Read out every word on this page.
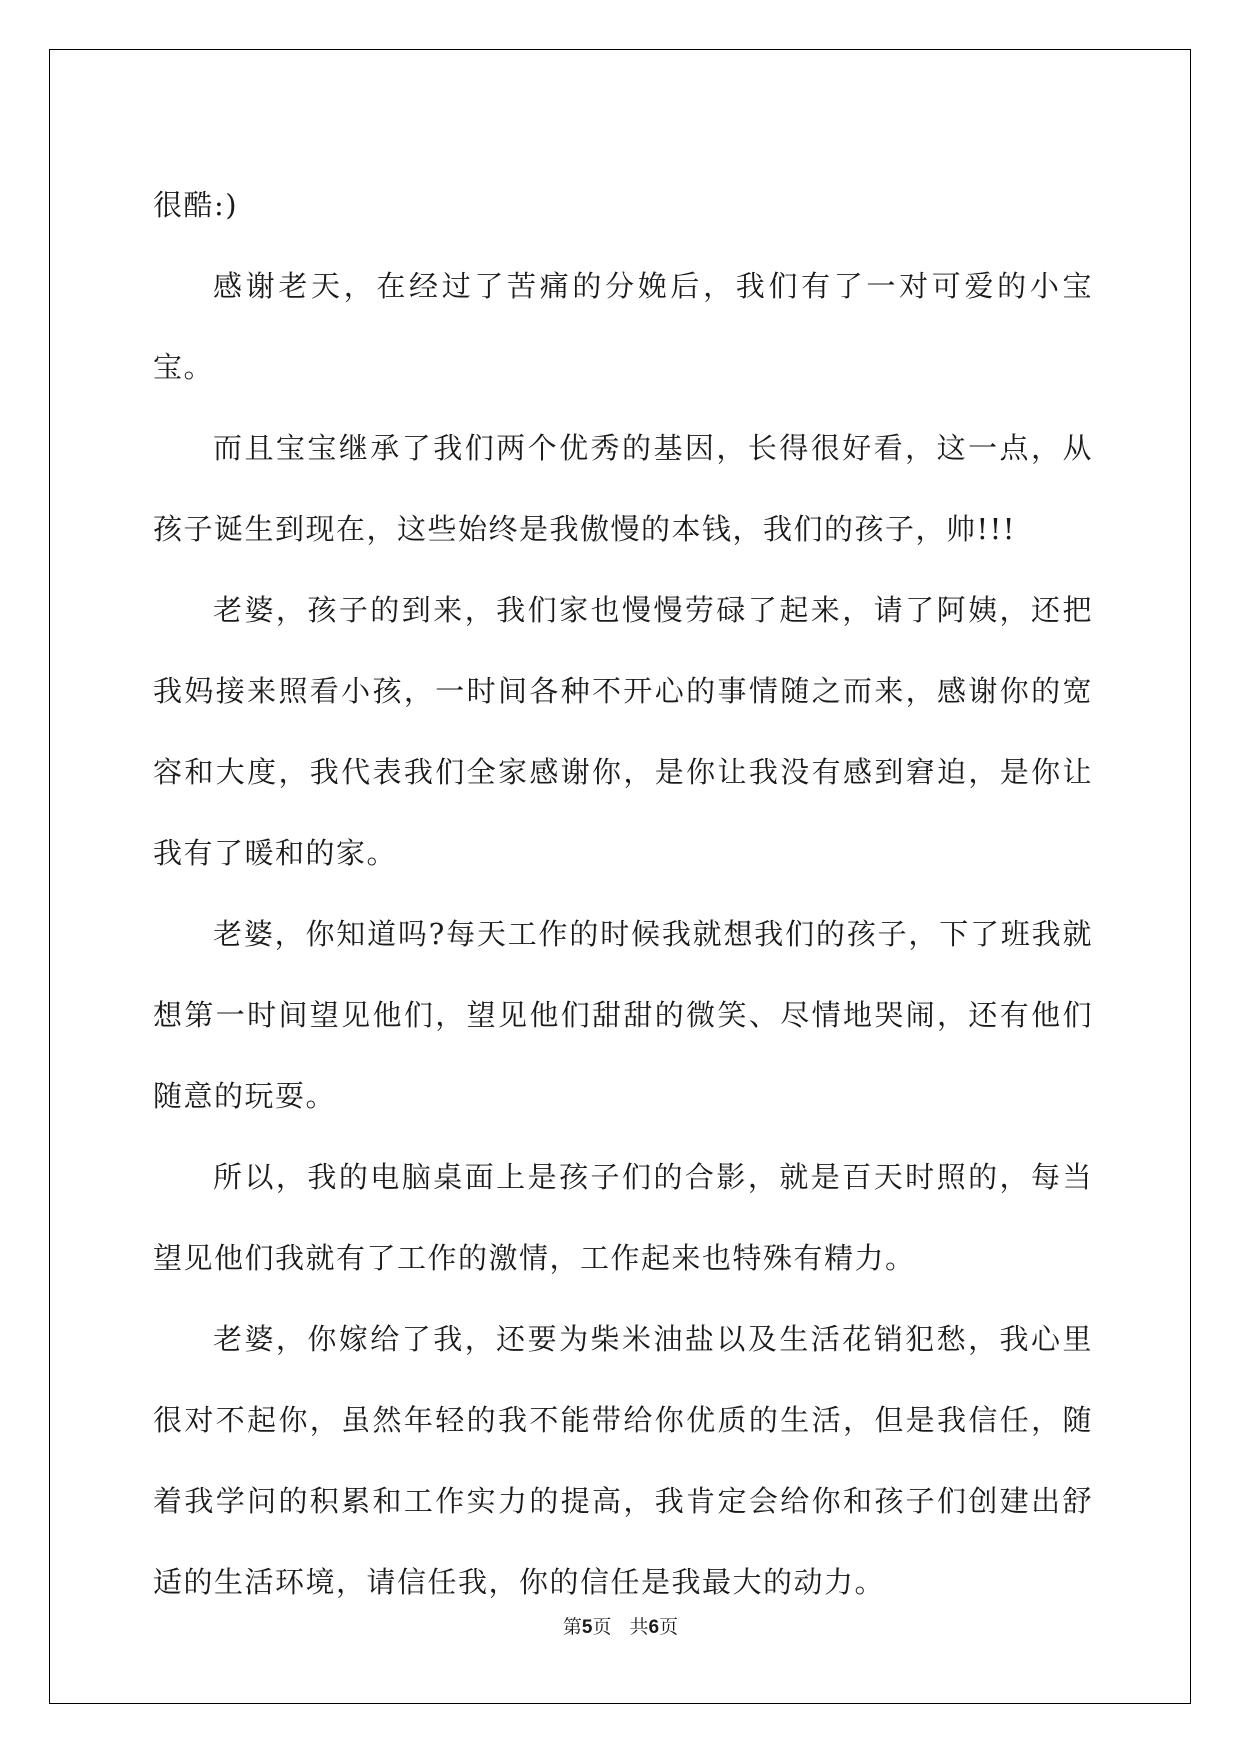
很酷:)

感谢老天，在经过了苦痛的分娩后，我们有了一对可爱的小宝宝。

而且宝宝继承了我们两个优秀的基因，长得很好看，这一点，从孩子诞生到现在，这些始终是我傲慢的本钱，我们的孩子，帅!!!

老婆，孩子的到来，我们家也慢慢劳碌了起来，请了阿姨，还把我妈接来照看小孩，一时间各种不开心的事情随之而来，感谢你的宽容和大度，我代表我们全家感谢你，是你让我没有感到窘迫，是你让我有了暖和的家。

老婆，你知道吗?每天工作的时候我就想我们的孩子，下了班我就想第一时间望见他们，望见他们甜甜的微笑、尽情地哭闹，还有他们随意的玩耍。

所以，我的电脑桌面上是孩子们的合影，就是百天时照的，每当望见他们我就有了工作的激情，工作起来也特殊有精力。

老婆，你嫁给了我，还要为柴米油盐以及生活花销犯愁，我心里很对不起你，虽然年轻的我不能带给你优质的生活，但是我信任，随着我学问的积累和工作实力的提高，我肯定会给你和孩子们创建出舒适的生活环境，请信任我，你的信任是我最大的动力。

第5页 共6页
